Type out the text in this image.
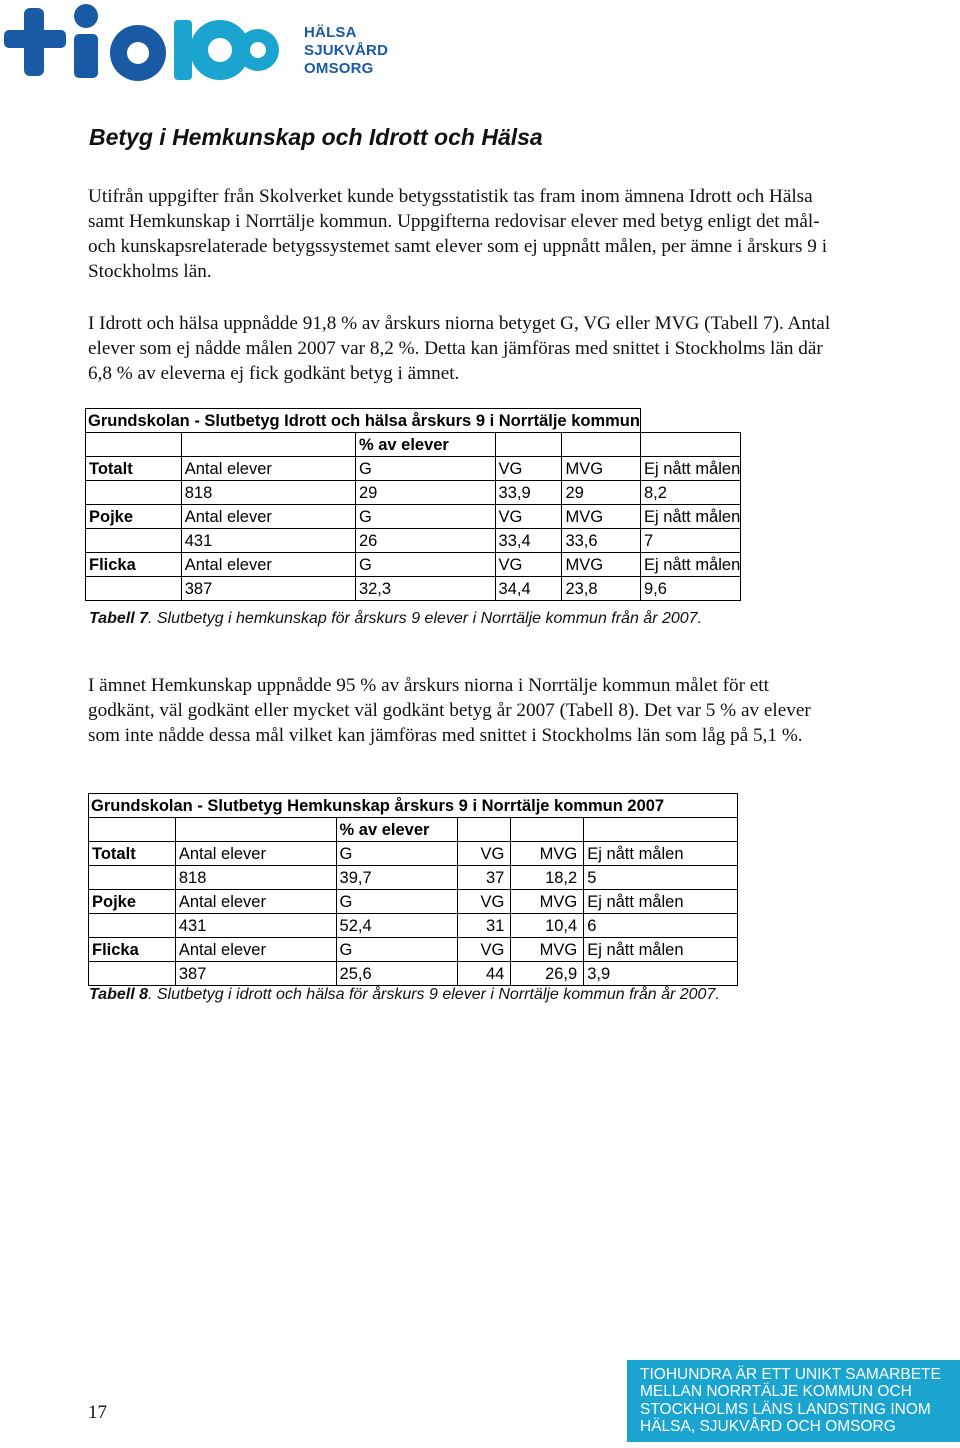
HÄLSA
SJUKVÅRD
OMSORG
Betyg i Hemkunskap och Idrott och Hälsa

Utifrån uppgifter från Skolverket kunde betygsstatistik tas fram inom ämnena Idrott och Hälsa samt Hemkunskap i Norrtälje kommun. Uppgifterna redovisar elever med betyg enligt det mål- och kunskapsrelaterade betygssystemet samt elever som ej uppnått målen, per ämne i årskurs 9 i Stockholms län.

I Idrott och hälsa uppnådde 91,8 % av årskurs niorna betyget G, VG eller MVG (Tabell 7). Antal elever som ej nådde målen 2007 var 8,2 %. Detta kan jämföras med snittet i Stockholms län där 6,8 % av eleverna ej fick godkänt betyg i ämnet.

Grundskolan - Slutbetyg Idrott och hälsa årskurs 9 i Norrtälje kommun					
		% av elever			
Totalt	Antal elever	G	VG	MVG	Ej nått målen
	818	29	33,9	29	8,2
Pojke	Antal elever	G	VG	MVG	Ej nått målen
	431	26	33,4	33,6	7
Flicka	Antal elever	G	VG	MVG	Ej nått målen
	387	32,3	34,4	23,8	9,6

Tabell 7. Slutbetyg i hemkunskap för årskurs 9 elever i Norrtälje kommun från år 2007.

I ämnet Hemkunskap uppnådde 95 % av årskurs niorna i Norrtälje kommun målet för ett godkänt, väl godkänt eller mycket väl godkänt betyg år 2007 (Tabell 8). Det var 5 % av elever som inte nådde dessa mål vilket kan jämföras med snittet i Stockholms län som låg på 5,1 %.

Grundskolan - Slutbetyg Hemkunskap årskurs 9 i Norrtälje kommun 2007					
		% av elever			
Totalt	Antal elever	G	VG	MVG	Ej nått målen
	818	39,7	37	18,2	5
Pojke	Antal elever	G	VG	MVG	Ej nått målen
	431	52,4	31	10,4	6
Flicka	Antal elever	G	VG	MVG	Ej nått målen
	387	25,6	44	26,9	3,9

Tabell 8. Slutbetyg i idrott och hälsa för årskurs 9 elever i Norrtälje kommun från år 2007.

17
TIOHUNDRA ÄR ETT UNIKT SAMARBETE
MELLAN NORRTÄLJE KOMMUN OCH
STOCKHOLMS LÄNS LANDSTING INOM
HÄLSA, SJUKVÅRD OCH OMSORG
